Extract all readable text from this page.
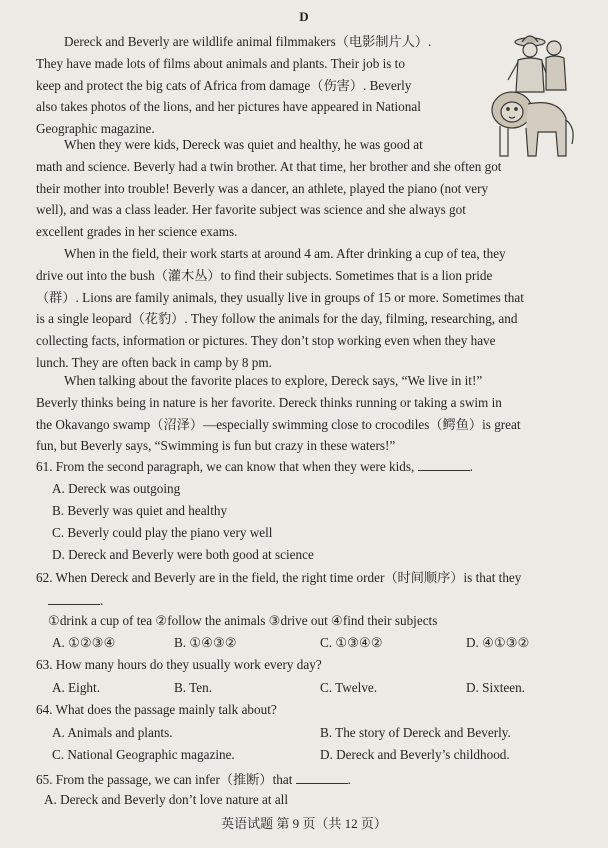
D
Dereck and Beverly are wildlife animal filmmakers（电影制片人）.
They have made lots of films about animals and plants. Their job is to
keep and protect the big cats of Africa from damage（伤害）. Beverly
also takes photos of the lions, and her pictures have appeared in National
Geographic magazine.
When they were kids, Dereck was quiet and healthy, he was good at
math and science. Beverly had a twin brother. At that time, her brother and she often got
their mother into trouble! Beverly was a dancer, an athlete, played the piano (not very
well), and was a class leader. Her favorite subject was science and she always got
excellent grades in her science exams.
When in the field, their work starts at around 4 am. After drinking a cup of tea, they
drive out into the bush（灌木丛）to find their subjects. Sometimes that is a lion pride
（群）. Lions are family animals, they usually live in groups of 15 or more. Sometimes that
is a single leopard（花豹）. They follow the animals for the day, filming, researching, and
collecting facts, information or pictures. They don’t stop working even when they have
lunch. They are often back in camp by 8 pm.
When talking about the favorite places to explore, Dereck says, “We live in it!”
Beverly thinks being in nature is her favorite. Dereck thinks running or taking a swim in
the Okavango swamp（沼泽）—especially swimming close to crocodiles（鳄鱼）is great
fun, but Beverly says, “Swimming is fun but crazy in these waters!”
61. From the second paragraph, we can know that when they were kids,	.
A. Dereck was outgoing
B. Beverly was quiet and healthy
C. Beverly could play the piano very well
D. Dereck and Beverly were both good at science
62. When Dereck and Beverly are in the field, the right time order（时间顺序）is that they
.
①drink a cup of tea ②follow the animals ③drive out ④find their subjects
A. ①②③④	B. ①④③②	C. ①③④②	D. ④①③②
63. How many hours do they usually work every day?
A. Eight.	B. Ten.	C. Twelve.	D. Sixteen.
64. What does the passage mainly talk about?
A. Animals and plants.	B. The story of Dereck and Beverly.
C. National Geographic magazine.	D. Dereck and Beverly’s childhood.
65. From the passage, we can infer（推断）that	.
A. Dereck and Beverly don’t love nature at all
英语试题 第 9 页（共 12 页）
